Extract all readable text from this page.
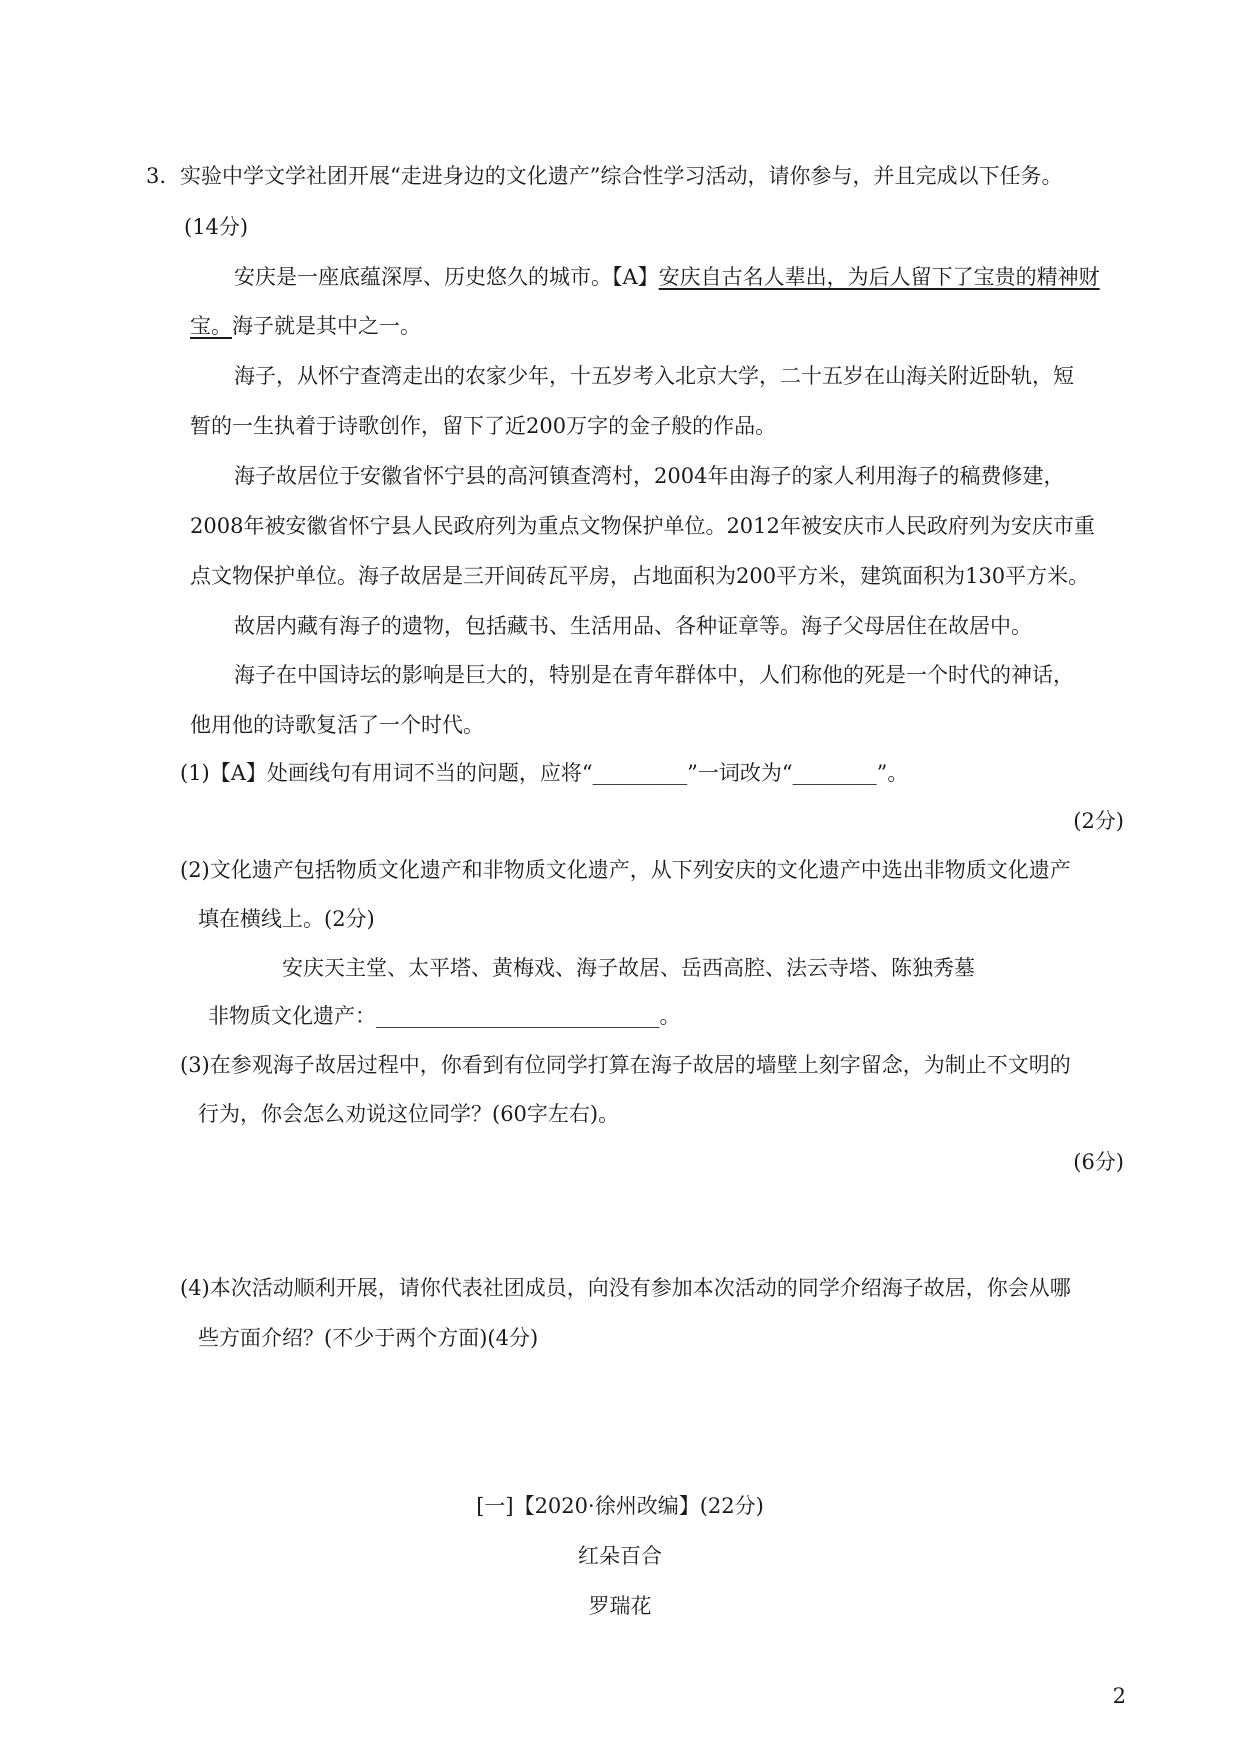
3. 实验中学文学社团开展“走进身边的文化遗产”综合性学习活动，请你参与，并且完成以下任务。
(14分)
安庆是一座底蕴深厚、历史悠久的城市。【A】安庆自古名人辈出，为后人留下了宝贵的精神财
宝。海子就是其中之一。
海子，从怀宁查湾走出的农家少年，十五岁考入北京大学，二十五岁在山海关附近卧轨，短
暂的一生执着于诗歌创作，留下了近200万字的金子般的作品。
海子故居位于安徽省怀宁县的高河镇查湾村，2004年由海子的家人利用海子的稿费修建，
2008年被安徽省怀宁县人民政府列为重点文物保护单位。2012年被安庆市人民政府列为安庆市重
点文物保护单位。海子故居是三开间砖瓦平房，占地面积为200平方米，建筑面积为130平方米。
故居内藏有海子的遗物，包括藏书、生活用品、各种证章等。海子父母居住在故居中。
海子在中国诗坛的影响是巨大的，特别是在青年群体中，人们称他的死是一个时代的神话，
他用他的诗歌复活了一个时代。
(1)【A】处画线句有用词不当的问题，应将“_________”一词改为“________”。
(2分)
(2)文化遗产包括物质文化遗产和非物质文化遗产，从下列安庆的文化遗产中选出非物质文化遗产
填在横线上。(2分)
安庆天主堂、太平塔、黄梅戏、海子故居、岳西高腔、法云寺塔、陈独秀墓
非物质文化遗产：___________________________。
(3)在参观海子故居过程中，你看到有位同学打算在海子故居的墙壁上刻字留念，为制止不文明的
行为，你会怎么劝说这位同学？(60字左右)。
(6分)
(4)本次活动顺利开展，请你代表社团成员，向没有参加本次活动的同学介绍海子故居，你会从哪
些方面介绍？(不少于两个方面)(4分)
[一]【2020·徐州改编】(22分)
红朵百合
罗瑞花
2
